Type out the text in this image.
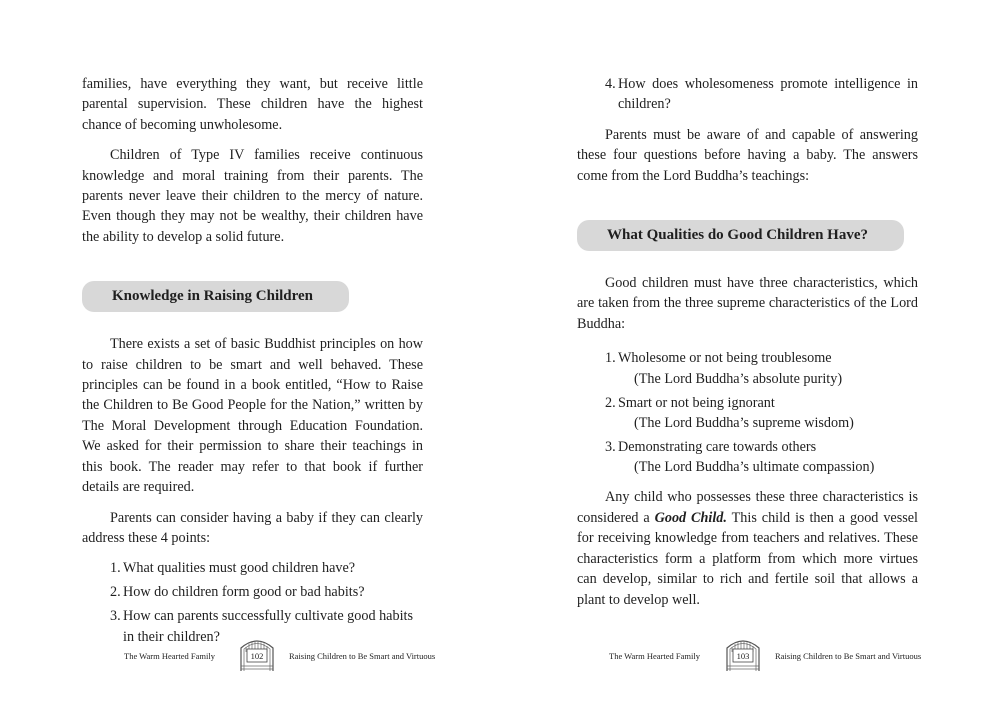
families, have everything they want, but receive little parental supervision. These children have the highest chance of becoming unwholesome.

Children of Type IV families receive continuous knowledge and moral training from their parents. The parents never leave their children to the mercy of nature. Even though they may not be wealthy, their children have the ability to develop a solid future.

Knowledge in Raising Children

There exists a set of basic Buddhist principles on how to raise children to be smart and well behaved. These principles can be found in a book entitled, “How to Raise the Children to Be Good People for the Nation,” written by The Moral Development through Education Foundation. We asked for their permission to share their teachings in this book. The reader may refer to that book if further details are required.

Parents can consider having a baby if they can clearly address these 4 points:

1. What qualities must good children have?
2. How do children form good or bad habits?
3. How can parents successfully cultivate good habits in their children?
The Warm Hearted Family	102	Raising Children to Be Smart and Virtuous

4. How does wholesomeness promote intelligence in children?

Parents must be aware of and capable of answering these four questions before having a baby. The answers come from the Lord Buddha’s teachings:

What Qualities do Good Children Have?

Good children must have three characteristics, which are taken from the three supreme characteristics of the Lord Buddha:

1. Wholesome or not being troublesome
(The Lord Buddha’s absolute purity)
2. Smart or not being ignorant
(The Lord Buddha’s supreme wisdom)
3. Demonstrating care towards others
(The Lord Buddha’s ultimate compassion)

Any child who possesses these three characteristics is considered a Good Child. This child is then a good vessel for receiving knowledge from teachers and relatives. These characteristics form a platform from which more virtues can develop, similar to rich and fertile soil that allows a plant to develop well.

The Warm Hearted Family	103	Raising Children to Be Smart and Virtuous
